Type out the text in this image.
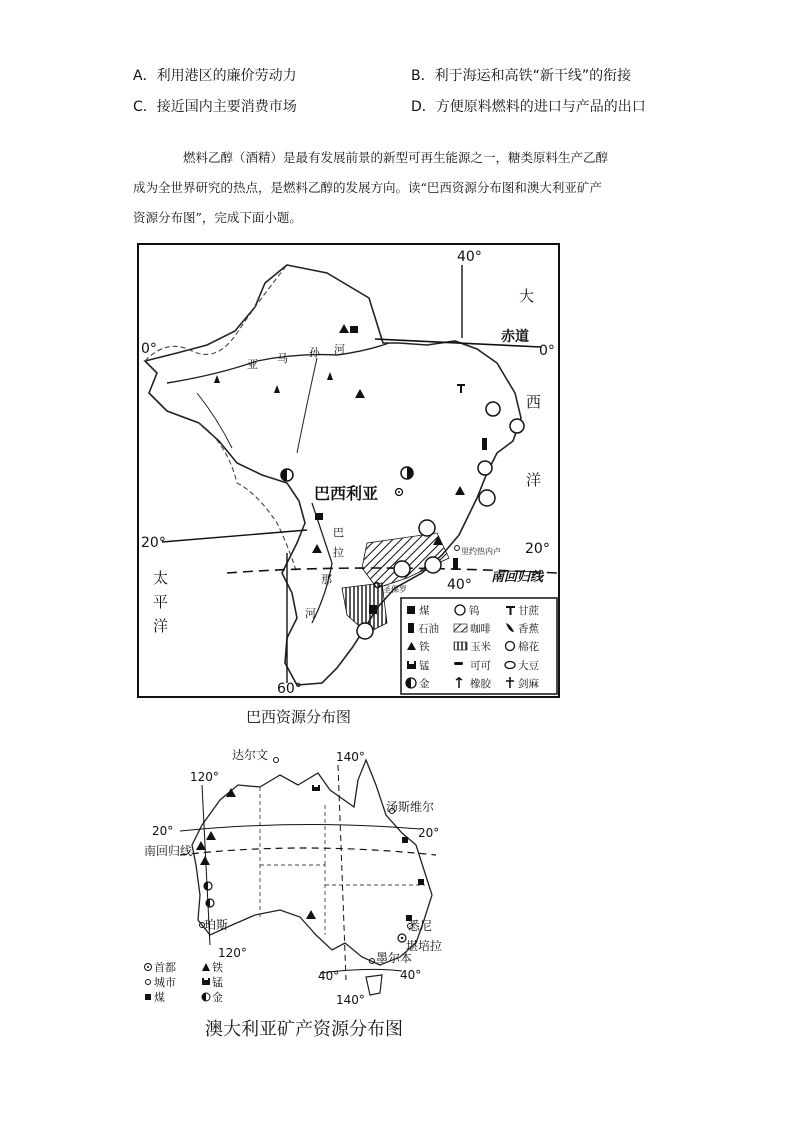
A．利用港区的廉价劳动力	B．利于海运和高铁“新干线”的衔接
C．接近国内主要消费市场	D．方便原料燃料的进口与产品的出口
燃料乙醇（酒精）是最有发展前景的新型可再生能源之一，糖类原料生产乙醇
成为全世界研究的热点，是燃料乙醇的发展方向。读“巴西资源分布图和澳大利亚矿产
资源分布图”，完成下面小题。
40°
60°
0°	0°
20°	20°
40°
赤道
南回归线
亚 马 孙 河
巴
拉
那
河
巴西利亚
里约热内卢
圣保罗
大
西
洋
太
平
洋
煤	钨	甘蔗
石油	咖啡	香蕉
铁	玉米	棉花
锰	可可	大豆
金	橡胶	剑麻
巴西资源分布图
120°
120°
140°
140°
20°	20°
40°	40°
南回归线
达尔文
汤斯维尔
珀斯	悉尼
堪培拉
墨尔本
首都	铁
城市	锰
煤	金
澳大利亚矿产资源分布图
